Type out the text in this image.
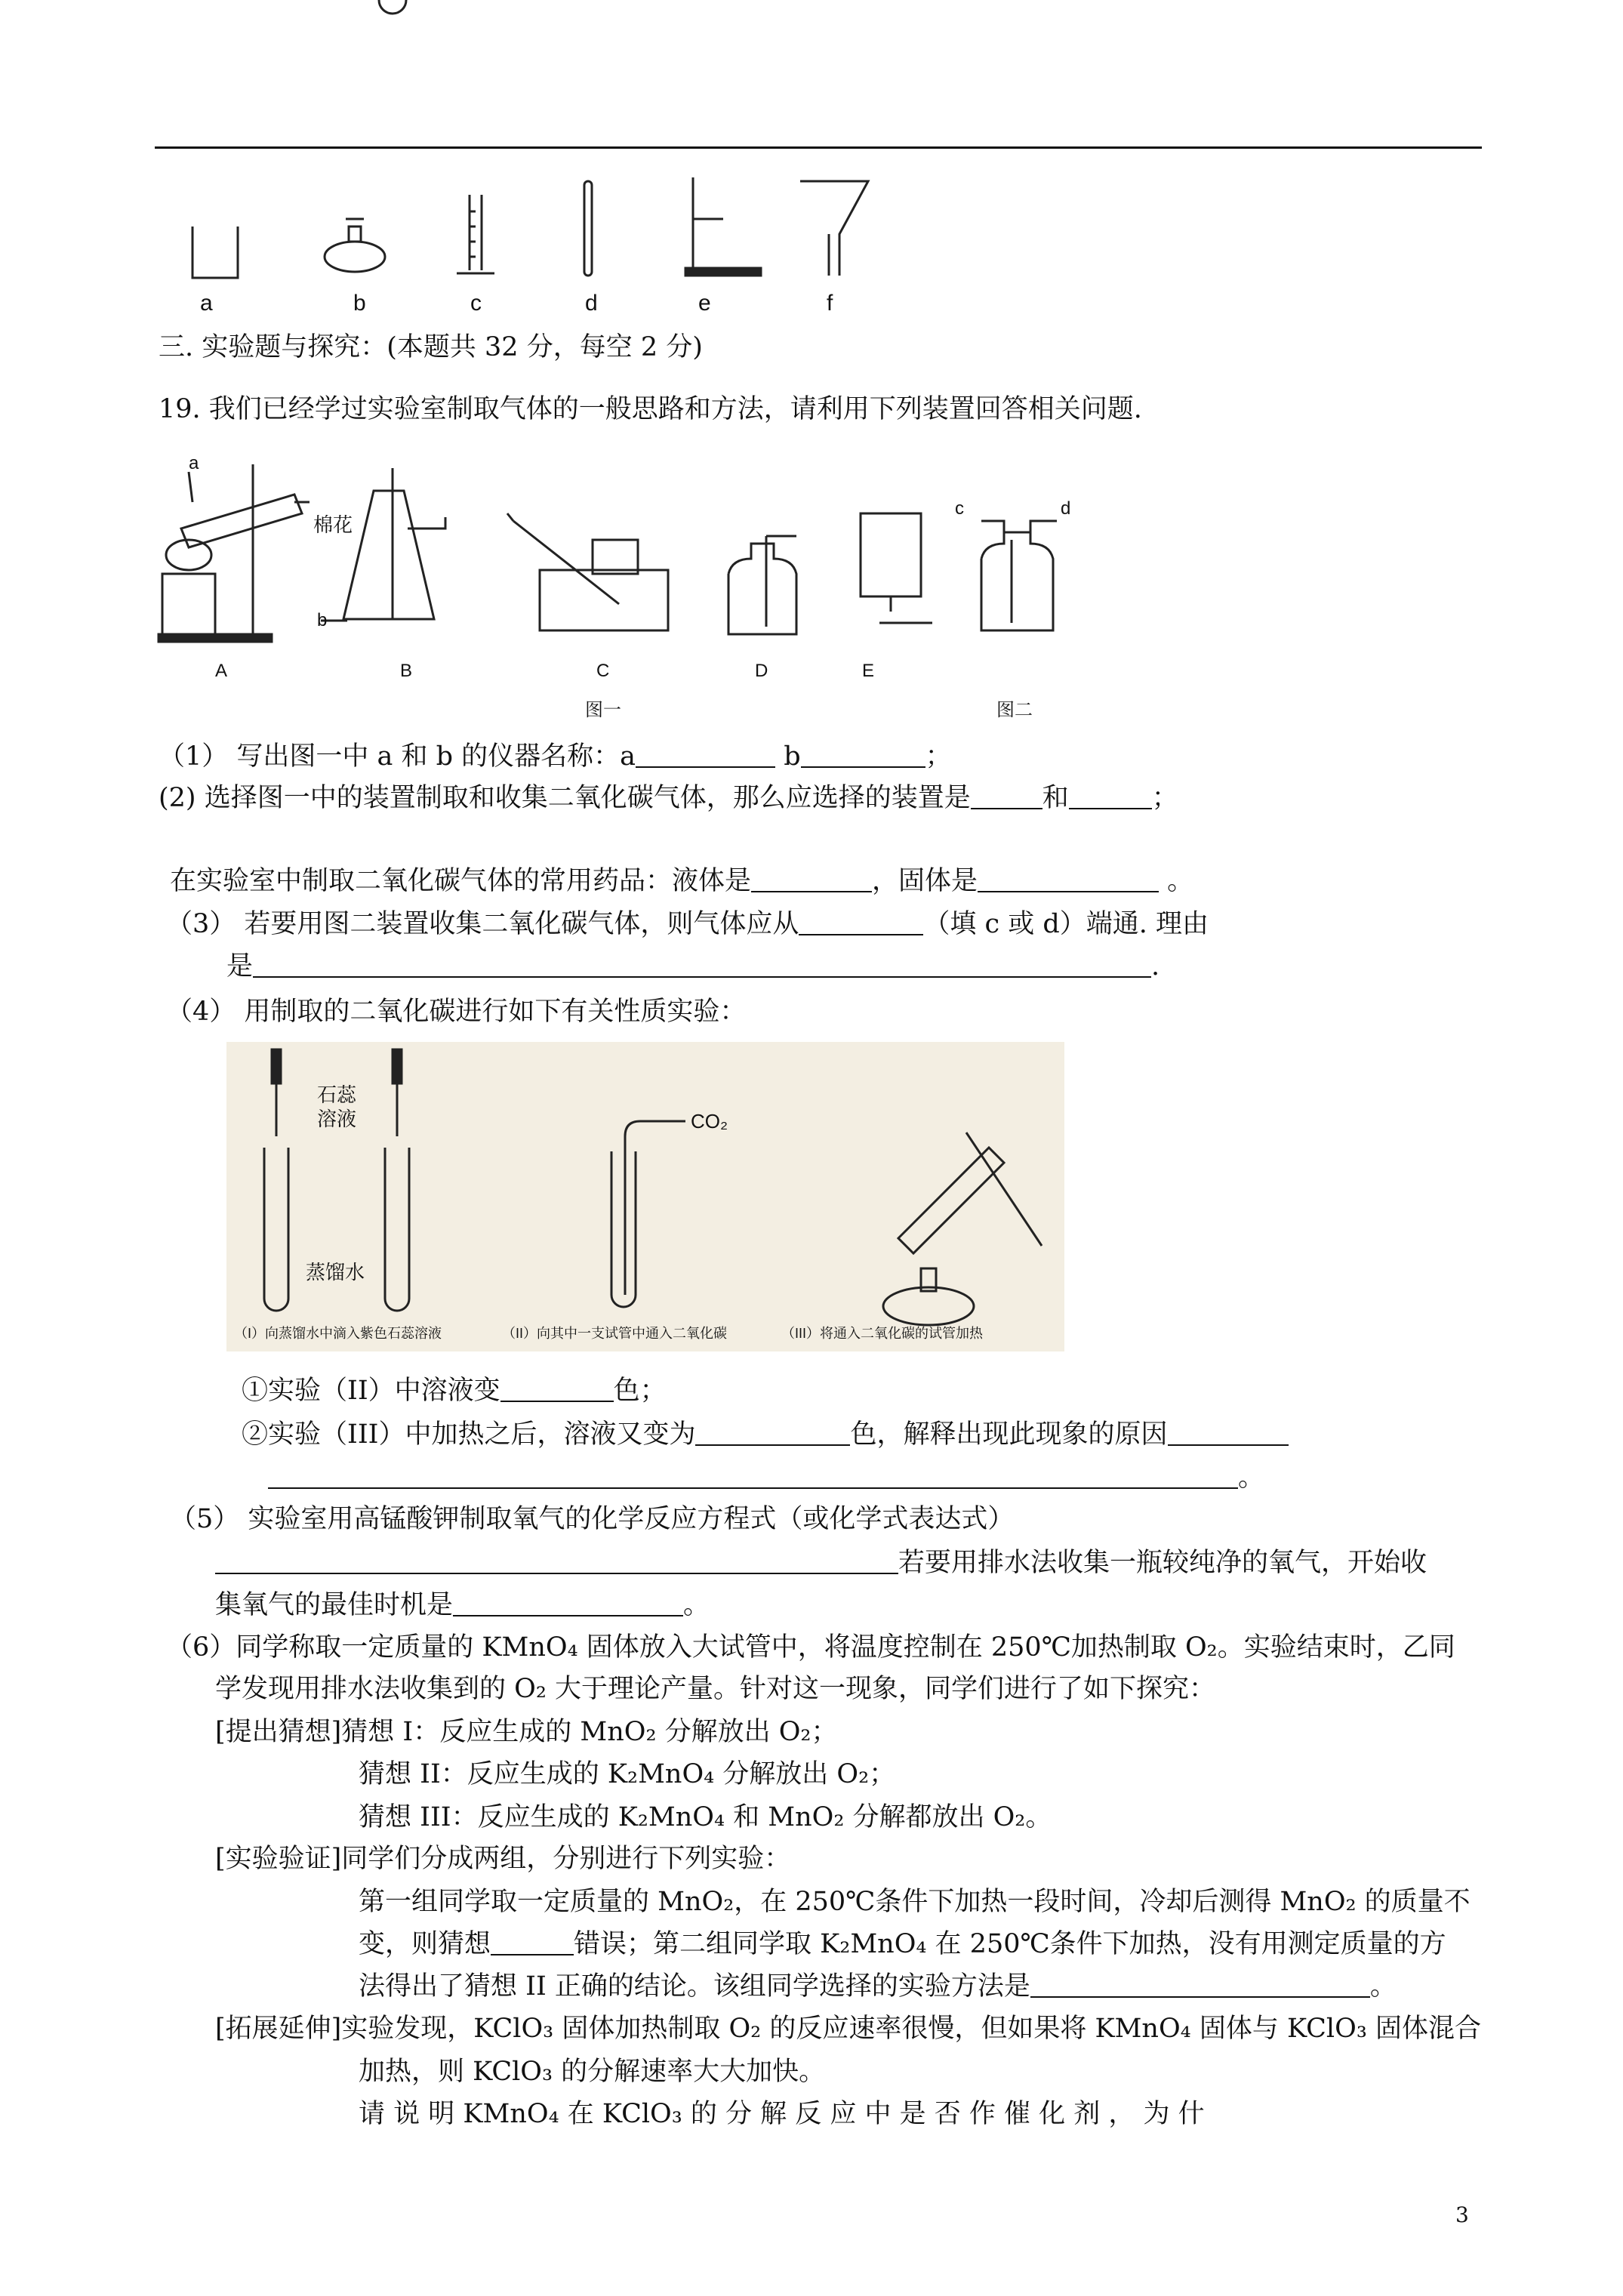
a	b	c	d	e	f
三. 实验题与探究：(本题共 32 分，每空 2 分)
19. 我们已经学过实验室制取气体的一般思路和方法，请利用下列装置回答相关问题.
a
棉花
b
A	B	C	D	E
图一
c	d
图二
（1） 写出图一中 a 和 b 的仪器名称：a	b	；
(2) 选择图一中的装置制取和收集二氧化碳气体，那么应选择的装置是	和	；
在实验室中制取二氧化碳气体的常用药品：液体是	，固体是	。
（3） 若要用图二装置收集二氧化碳气体，则气体应从	（填 c 或 d）端通. 理由
是	.
（4） 用制取的二氧化碳进行如下有关性质实验：
石蕊
溶液
蒸馏水
CO₂
（I）向蒸馏水中滴入紫色石蕊溶液	（II）向其中一支试管中通入二氧化碳	（III）将通入二氧化碳的试管加热
①实验（II）中溶液变	色；
②实验（III）中加热之后，溶液又变为	色，解释出现此现象的原因
。
（5） 实验室用高锰酸钾制取氧气的化学反应方程式（或化学式表达式）
若要用排水法收集一瓶较纯净的氧气，开始收
集氧气的最佳时机是	。
（6）同学称取一定质量的 KMnO₄ 固体放入大试管中，将温度控制在 250℃加热制取 O₂。实验结束时，乙同
学发现用排水法收集到的 O₂ 大于理论产量。针对这一现象，同学们进行了如下探究：
[提出猜想]猜想 I：反应生成的 MnO₂ 分解放出 O₂；
猜想 II：反应生成的 K₂MnO₄ 分解放出 O₂；
猜想 III：反应生成的 K₂MnO₄ 和 MnO₂ 分解都放出 O₂。
[实验验证]同学们分成两组，分别进行下列实验：
第一组同学取一定质量的 MnO₂，在 250℃条件下加热一段时间，冷却后测得 MnO₂ 的质量不
变，则猜想	错误；第二组同学取 K₂MnO₄ 在 250℃条件下加热，没有用测定质量的方
法得出了猜想 II 正确的结论。该组同学选择的实验方法是	。
[拓展延伸]实验发现，KClO₃ 固体加热制取 O₂ 的反应速率很慢，但如果将 KMnO₄ 固体与 KClO₃ 固体混合
加热，则 KClO₃ 的分解速率大大加快。
请 说 明 KMnO₄ 在 KClO₃ 的 分 解 反 应 中 是 否 作 催 化 剂 ， 为 什
3
